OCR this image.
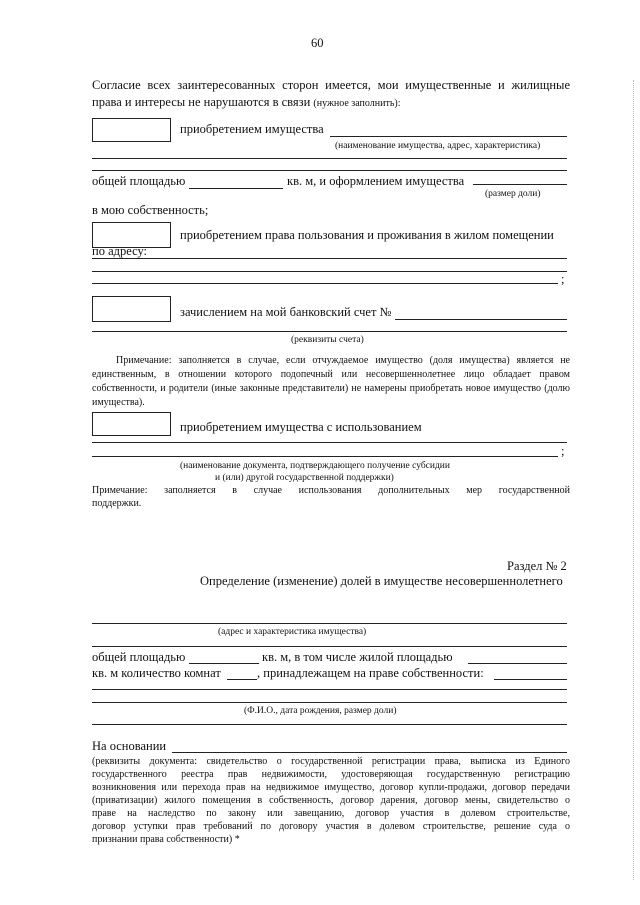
60
Согласие всех заинтересованных сторон имеется, мои имущественные и жилищные
права и интересы не нарушаются в связи (нужное заполнить):
приобретением имущества
(наименование имущества, адрес, характеристика)
общей площадью	кв. м, и оформлением имущества
(размер доли)
в мою собственность;
приобретением права пользования и проживания в жилом помещении
по адресу:
;
зачислением на мой банковский счет №
(реквизиты счета)
Примечание: заполняется в случае, если отчуждаемое имущество (доля имущества) является не единственным, в отношении которого подопечный или несовершеннолетнее лицо обладает правом собственности, и родители (иные законные представители) не намерены приобретать новое имущество (долю имущества).
приобретением имущества с использованием
;
(наименование документа, подтверждающего получение субсидии
и (или) другой государственной поддержки)
Примечание: заполняется в случае использования дополнительных мер государственной
поддержки.
Раздел № 2
Определение (изменение) долей в имуществе несовершеннолетнего
(адрес и характеристика имущества)
общей площадью	кв. м, в том числе жилой площадью
кв. м количество комнат	, принадлежащем на праве собственности:
(Ф.И.О., дата рождения, размер доли)
На основании
(реквизиты документа: свидетельство о государственной регистрации права, выписка из Единого
государственного реестра прав недвижимости, удостоверяющая государственную регистрацию
возникновения или перехода прав на недвижимое имущество, договор купли-продажи, договор передачи
(приватизации) жилого помещения в собственность, договор дарения, договор мены, свидетельство о
праве на наследство по закону или завещанию, договор участия в долевом строительстве,
договор уступки прав требований по договору участия в долевом строительстве, решение суда о
признании права собственности) *
